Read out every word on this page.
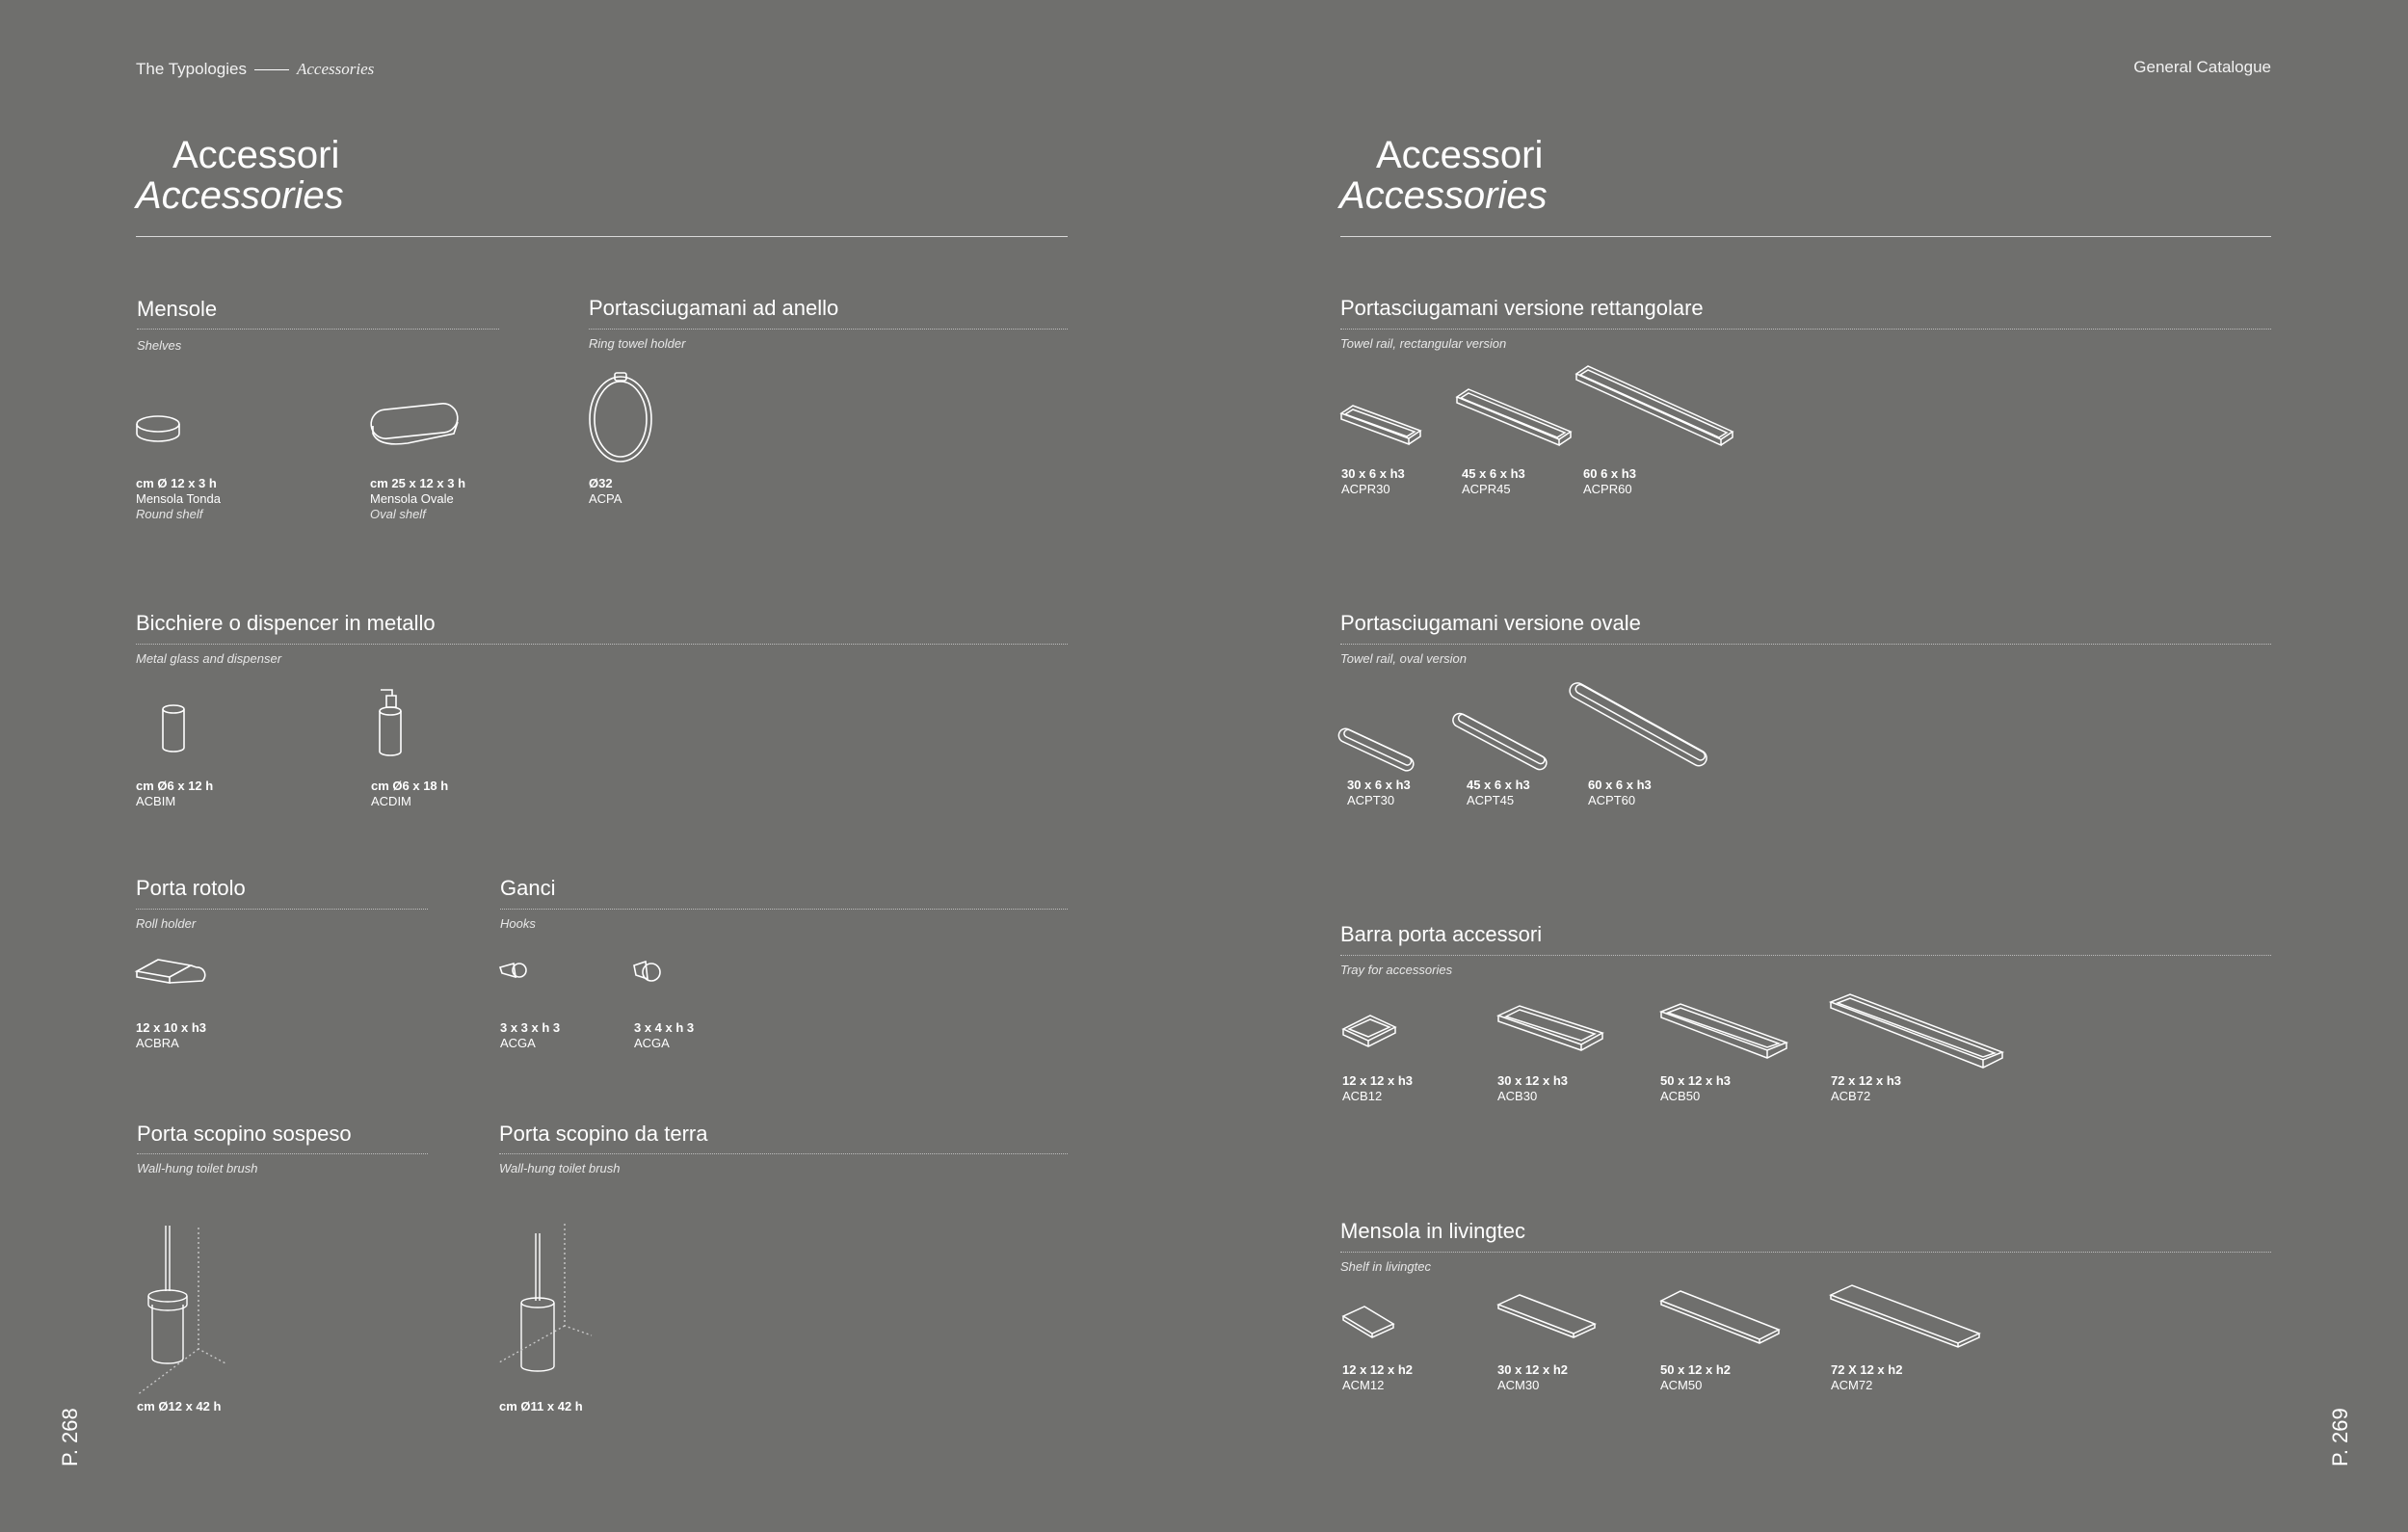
The Typologies	Accessories	General Catalogue
Accessori
Accessories
Accessori
Accessories
Mensole
Shelves
cm Ø 12 x 3 h
Mensola Tonda
Round shelf
cm 25 x 12 x 3 h
Mensola Ovale
Oval shelf
Portasciugamani ad anello
Ring towel holder
Ø32
ACPA
Bicchiere o dispencer in metallo
Metal glass and dispenser
cm Ø6 x 12 h
ACBIM
cm Ø6 x 18 h
ACDIM
Porta rotolo
Roll holder
12 x 10 x h3
ACBRA
Ganci
Hooks
3 x 3 x h 3
ACGA
3 x 4 x h 3
ACGA
Porta scopino sospeso
Wall-hung toilet brush
cm Ø12 x 42 h
Porta scopino da terra
Wall-hung toilet brush
cm Ø11 x 42 h
Portasciugamani versione rettangolare
Towel rail, rectangular version
30 x 6 x h3
ACPR30
45 x 6 x h3
ACPR45
60 6 x h3
ACPR60
Portasciugamani versione ovale
Towel rail, oval version
30 x 6 x h3
ACPT30
45 x 6 x h3
ACPT45
60 x 6 x h3
ACPT60
Barra porta accessori
Tray for accessories
12 x 12 x h3
ACB12
30 x 12 x h3
ACB30
50 x 12 x h3
ACB50
72 x 12 x h3
ACB72
Mensola in livingtec
Shelf in livingtec
12 x 12 x h2
ACM12
30 x 12 x h2
ACM30
50 x 12 x h2
ACM50
72 X 12 x h2
ACM72
P. 268	P. 269
